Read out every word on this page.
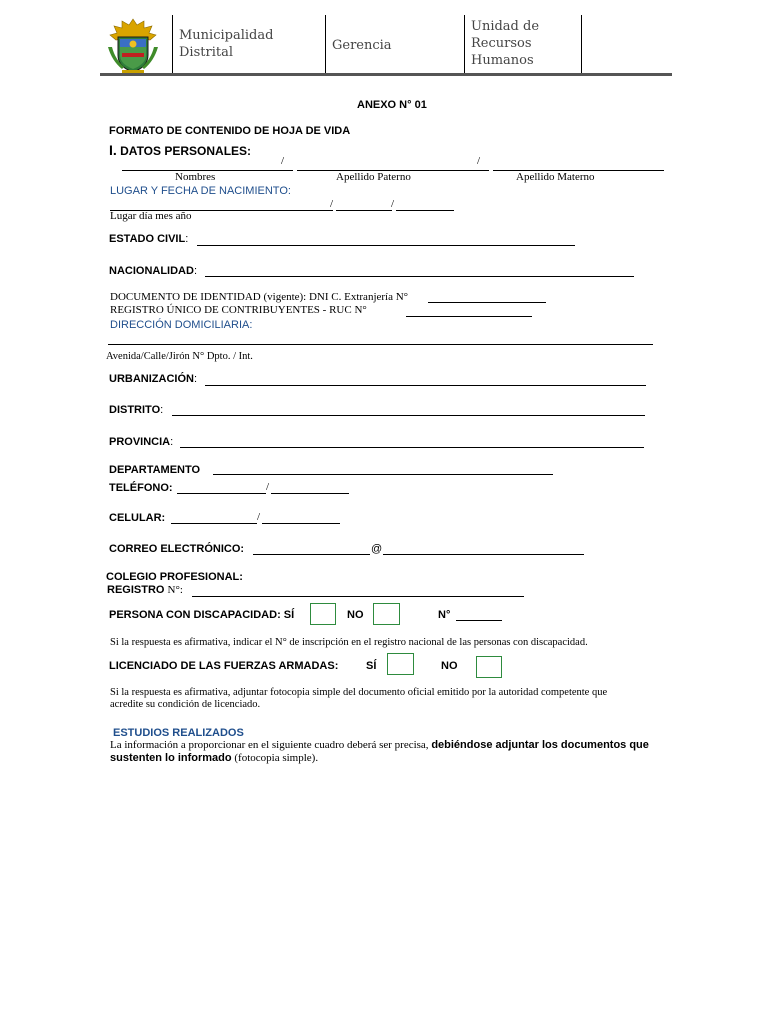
Municipalidad Distrital	Gerencia
Unidad de Recursos Humanos
ANEXO N° 01
FORMATO DE CONTENIDO DE HOJA DE VIDA
I. DATOS PERSONALES:
/	/
Nombres	Apellido Paterno	Apellido Materno
LUGAR Y FECHA DE NACIMIENTO:
/	/
Lugar día mes año
ESTADO CIVIL:
NACIONALIDAD:
DOCUMENTO DE IDENTIDAD (vigente): DNI C. Extranjería N°
REGISTRO ÚNICO DE CONTRIBUYENTES - RUC N°
DIRECCIÓN DOMICILIARIA:
Avenida/Calle/Jirón N° Dpto. / Int.
URBANIZACIÓN:
DISTRITO:
PROVINCIA:
DEPARTAMENTO
TELÉFONO:	/
CELULAR:	/
CORREO ELECTRÓNICO:	@
COLEGIO PROFESIONAL:
REGISTRO N°:
PERSONA CON DISCAPACIDAD: SÍ	NO	N°
Si la respuesta es afirmativa, indicar el N° de inscripción en el registro nacional de las personas con discapacidad.
LICENCIADO DE LAS FUERZAS ARMADAS:	SÍ	NO
Si la respuesta es afirmativa, adjuntar fotocopia simple del documento oficial emitido por la autoridad competente que
acredite su condición de licenciado.
ESTUDIOS REALIZADOS
La información a proporcionar en el siguiente cuadro deberá ser precisa, debiéndose adjuntar los documentos que
sustenten lo informado (fotocopia simple).
